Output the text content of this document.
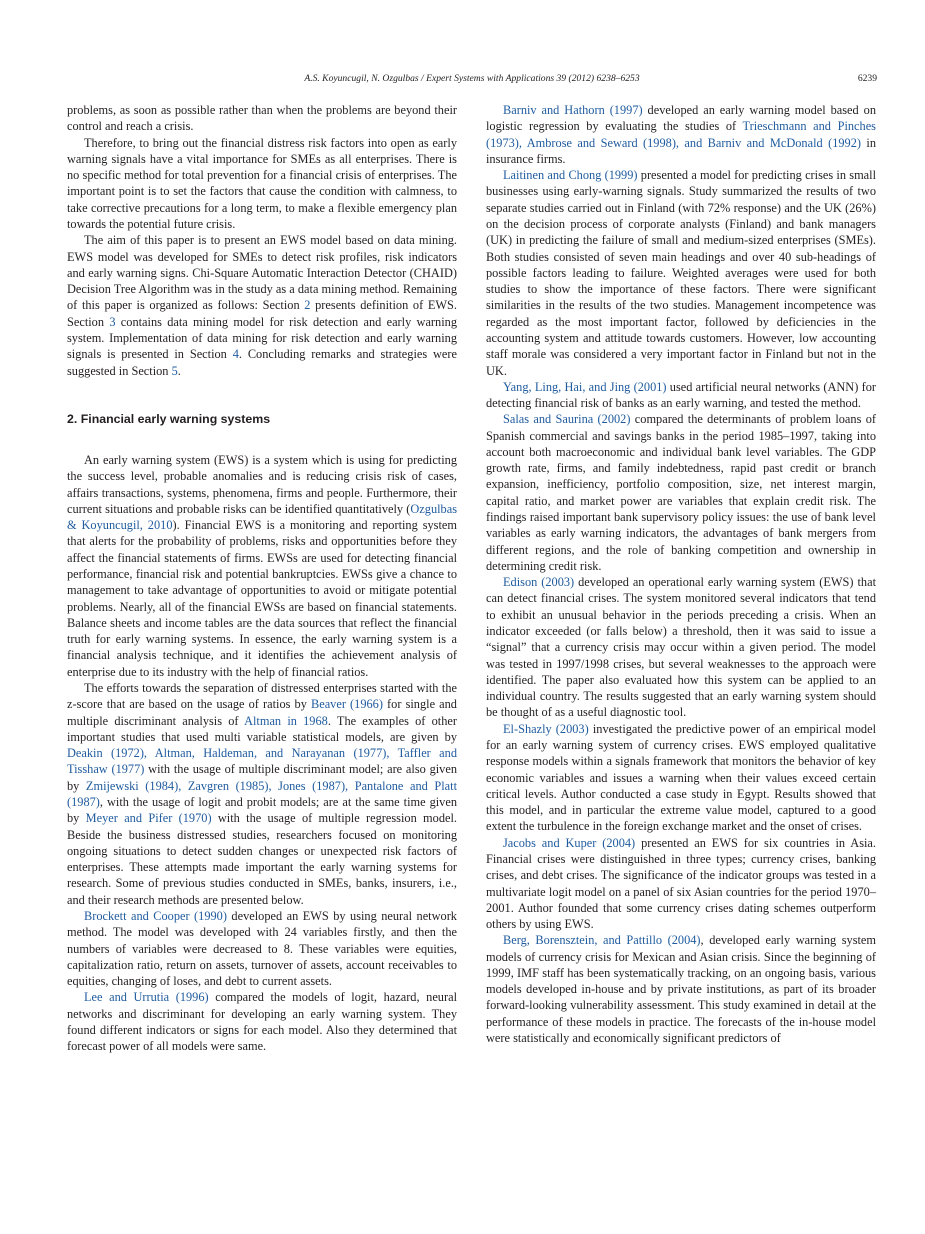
A.S. Koyuncugil, N. Ozgulbas / Expert Systems with Applications 39 (2012) 6238–6253	6239

problems, as soon as possible rather than when the problems are beyond their control and reach a crisis.

Therefore, to bring out the financial distress risk factors into open as early warning signals have a vital importance for SMEs as all enterprises. There is no specific method for total prevention for a financial crisis of enterprises. The important point is to set the factors that cause the condition with calmness, to take corrective precautions for a long term, to make a flexible emergency plan towards the potential future crisis.

The aim of this paper is to present an EWS model based on data mining. EWS model was developed for SMEs to detect risk profiles, risk indicators and early warning signs. Chi-Square Automatic Interaction Detector (CHAID) Decision Tree Algorithm was in the study as a data mining method. Remaining of this paper is organized as follows: Section 2 presents definition of EWS. Section 3 contains data mining model for risk detection and early warning system. Implementation of data mining for risk detection and early warning signals is presented in Section 4. Concluding remarks and strategies were suggested in Section 5.

2. Financial early warning systems

An early warning system (EWS) is a system which is using for predicting the success level, probable anomalies and is reducing crisis risk of cases, affairs transactions, systems, phenomena, firms and people. Furthermore, their current situations and probable risks can be identified quantitatively (Ozgulbas & Koyuncugil, 2010). Financial EWS is a monitoring and reporting system that alerts for the probability of problems, risks and opportunities before they affect the financial statements of firms. EWSs are used for detecting financial performance, financial risk and potential bankruptcies. EWSs give a chance to management to take advantage of opportunities to avoid or mitigate potential problems. Nearly, all of the financial EWSs are based on financial statements. Balance sheets and income tables are the data sources that reflect the financial truth for early warning systems. In essence, the early warning system is a financial analysis technique, and it identifies the achievement analysis of enterprise due to its industry with the help of financial ratios.

The efforts towards the separation of distressed enterprises started with the z-score that are based on the usage of ratios by Beaver (1966) for single and multiple discriminant analysis of Altman in 1968. The examples of other important studies that used multi variable statistical models, are given by Deakin (1972), Altman, Haldeman, and Narayanan (1977), Taffler and Tisshaw (1977) with the usage of multiple discriminant model; are also given by Zmijewski (1984), Zavgren (1985), Jones (1987), Pantalone and Platt (1987), with the usage of logit and probit models; are at the same time given by Meyer and Pifer (1970) with the usage of multiple regression model. Beside the business distressed studies, researchers focused on monitoring ongoing situations to detect sudden changes or unexpected risk factors of enterprises. These attempts made important the early warning systems for research. Some of previous studies conducted in SMEs, banks, insurers, i.e., and their research methods are presented below.

Brockett and Cooper (1990) developed an EWS by using neural network method. The model was developed with 24 variables firstly, and then the numbers of variables were decreased to 8. These variables were equities, capitalization ratio, return on assets, turnover of assets, account receivables to equities, changing of loses, and debt to current assets.

Lee and Urrutia (1996) compared the models of logit, hazard, neural networks and discriminant for developing an early warning system. They found different indicators or signs for each model. Also they determined that forecast power of all models were same.

Barniv and Hathorn (1997) developed an early warning model based on logistic regression by evaluating the studies of Trieschmann and Pinches (1973), Ambrose and Seward (1998), and Barniv and McDonald (1992) in insurance firms.

Laitinen and Chong (1999) presented a model for predicting crises in small businesses using early-warning signals. Study summarized the results of two separate studies carried out in Finland (with 72% response) and the UK (26%) on the decision process of corporate analysts (Finland) and bank managers (UK) in predicting the failure of small and medium-sized enterprises (SMEs). Both studies consisted of seven main headings and over 40 sub-headings of possible factors leading to failure. Weighted averages were used for both studies to show the importance of these factors. There were significant similarities in the results of the two studies. Management incompetence was regarded as the most important factor, followed by deficiencies in the accounting system and attitude towards customers. However, low accounting staff morale was considered a very important factor in Finland but not in the UK.

Yang, Ling, Hai, and Jing (2001) used artificial neural networks (ANN) for detecting financial risk of banks as an early warning, and tested the method.

Salas and Saurina (2002) compared the determinants of problem loans of Spanish commercial and savings banks in the period 1985–1997, taking into account both macroeconomic and individual bank level variables. The GDP growth rate, firms, and family indebtedness, rapid past credit or branch expansion, inefficiency, portfolio composition, size, net interest margin, capital ratio, and market power are variables that explain credit risk. The findings raised important bank supervisory policy issues: the use of bank level variables as early warning indicators, the advantages of bank mergers from different regions, and the role of banking competition and ownership in determining credit risk.

Edison (2003) developed an operational early warning system (EWS) that can detect financial crises. The system monitored several indicators that tend to exhibit an unusual behavior in the periods preceding a crisis. When an indicator exceeded (or falls below) a threshold, then it was said to issue a “signal” that a currency crisis may occur within a given period. The model was tested in 1997/1998 crises, but several weaknesses to the approach were identified. The paper also evaluated how this system can be applied to an individual country. The results suggested that an early warning system should be thought of as a useful diagnostic tool.

El-Shazly (2003) investigated the predictive power of an empirical model for an early warning system of currency crises. EWS employed qualitative response models within a signals framework that monitors the behavior of key economic variables and issues a warning when their values exceed certain critical levels. Author conducted a case study in Egypt. Results showed that this model, and in particular the extreme value model, captured to a good extent the turbulence in the foreign exchange market and the onset of crises.

Jacobs and Kuper (2004) presented an EWS for six countries in Asia. Financial crises were distinguished in three types; currency crises, banking crises, and debt crises. The significance of the indicator groups was tested in a multivariate logit model on a panel of six Asian countries for the period 1970–2001. Author founded that some currency crises dating schemes outperform others by using EWS.

Berg, Borensztein, and Pattillo (2004), developed early warning system models of currency crisis for Mexican and Asian crisis. Since the beginning of 1999, IMF staff has been systematically tracking, on an ongoing basis, various models developed in-house and by private institutions, as part of its broader forward-looking vulnerability assessment. This study examined in detail at the performance of these models in practice. The forecasts of the in-house model were statistically and economically significant predictors of
